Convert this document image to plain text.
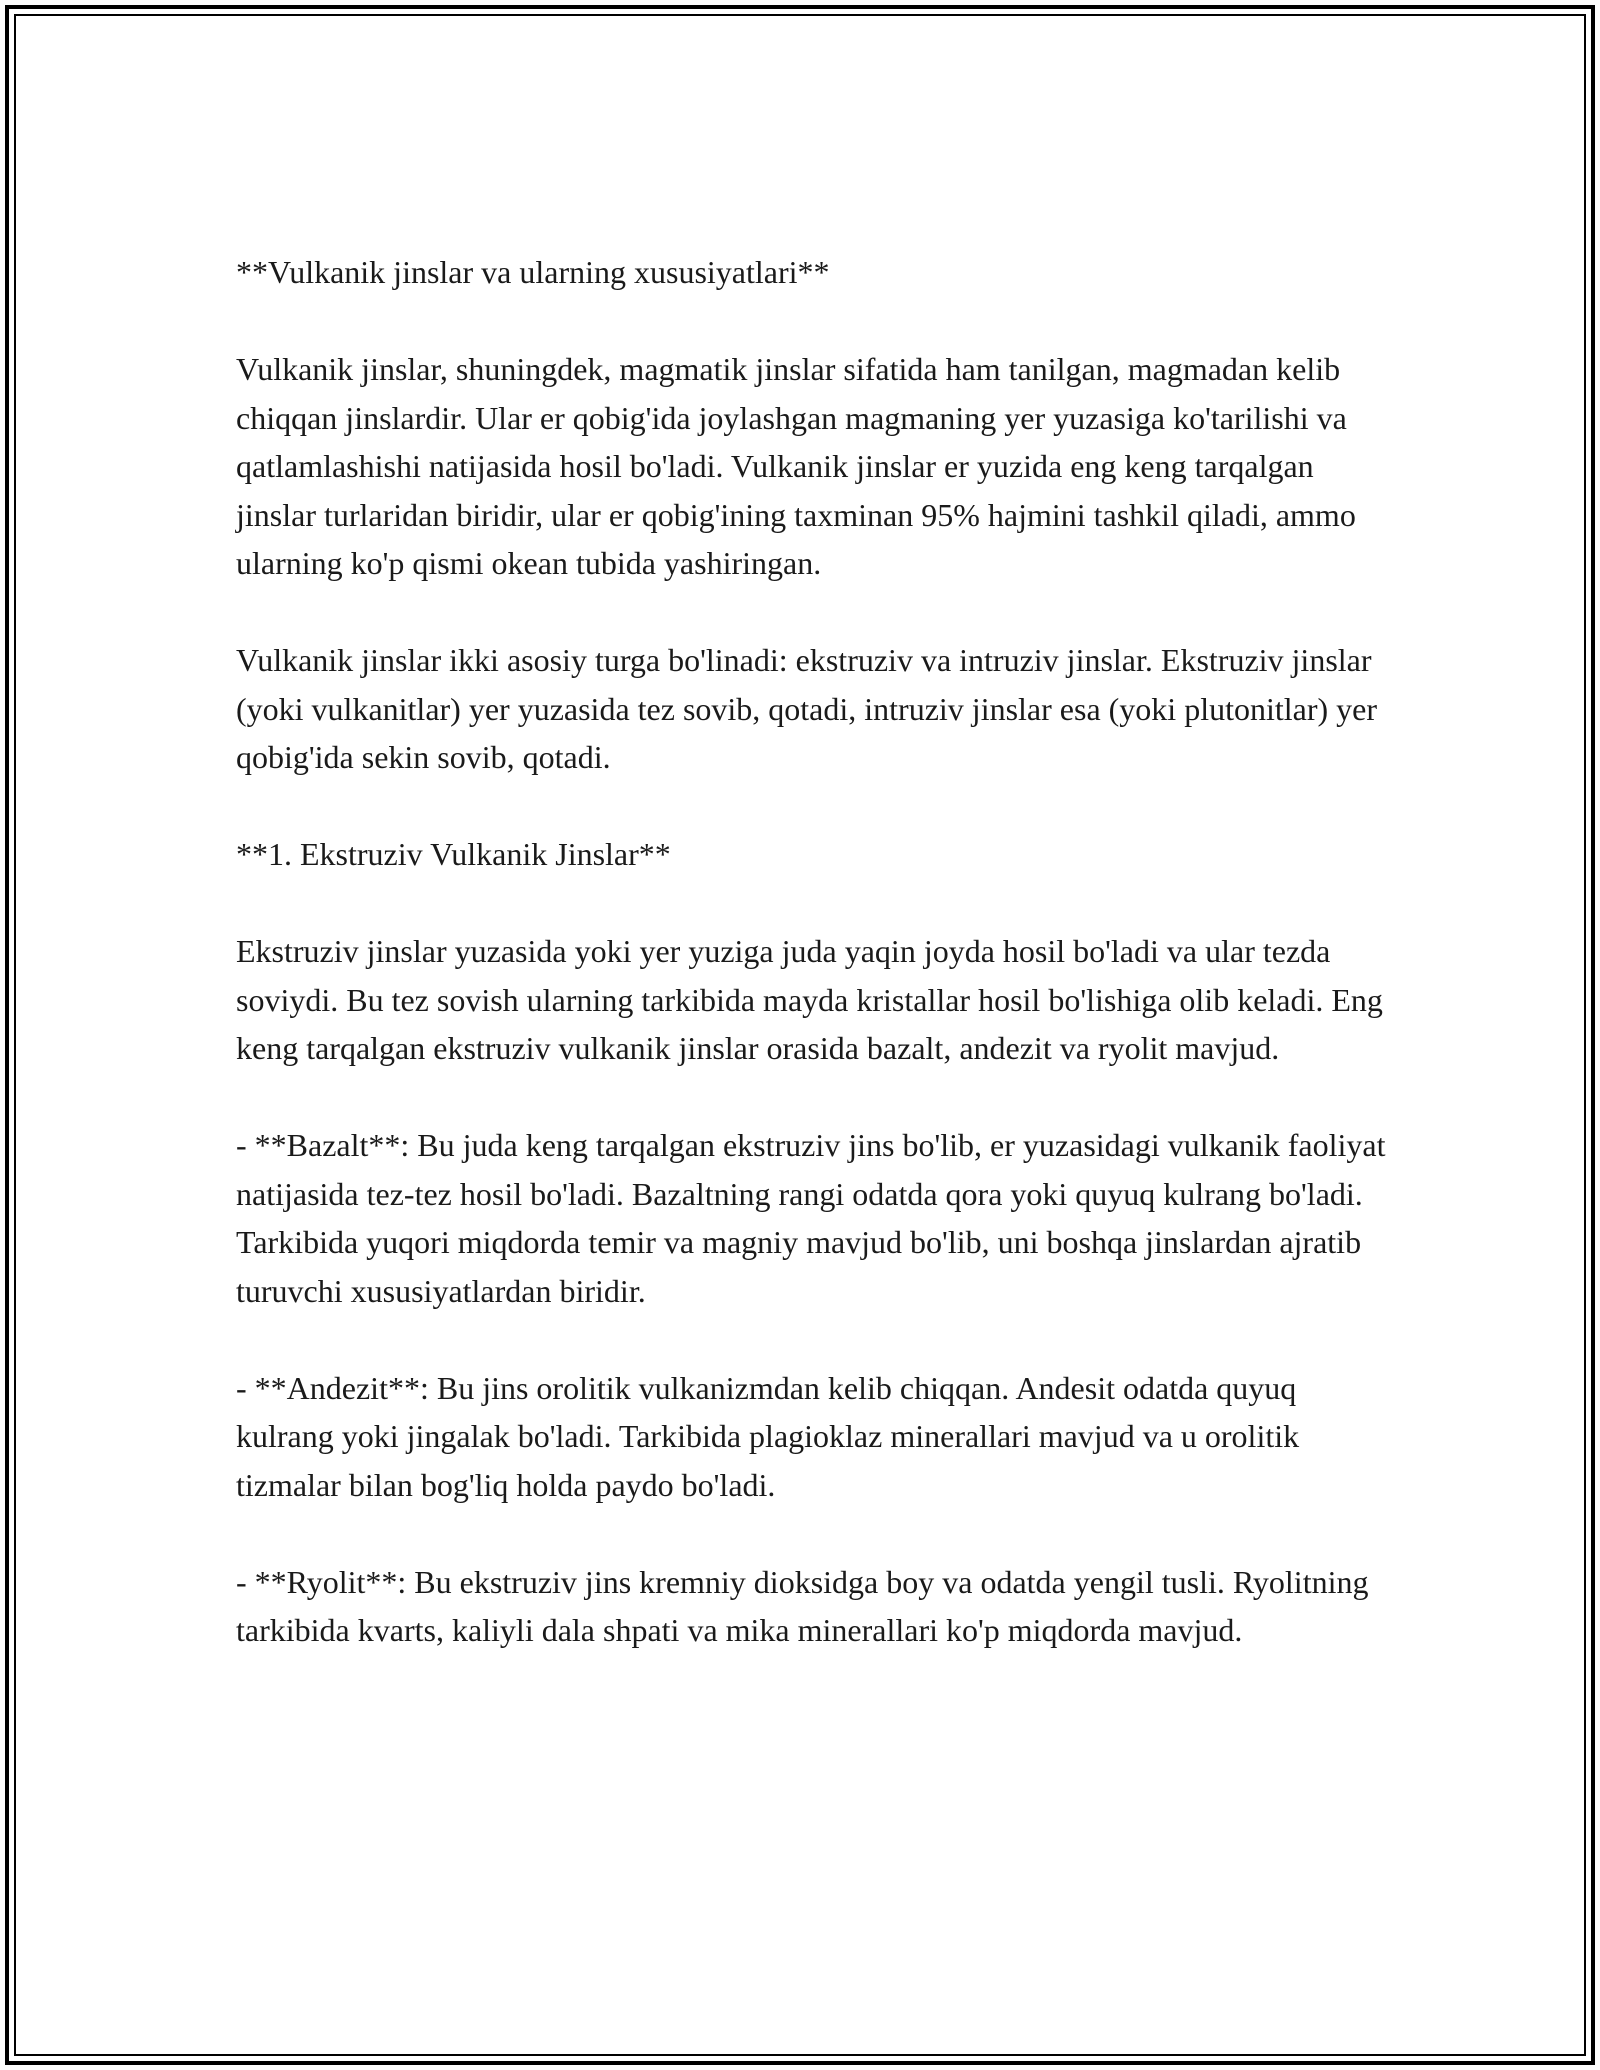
**Vulkanik jinslar va ularning xususiyatlari**

Vulkanik jinslar, shuningdek, magmatik jinslar sifatida ham tanilgan, magmadan kelib chiqqan jinslardir. Ular er qobig'ida joylashgan magmaning yer yuzasiga ko'tarilishi va qatlamlashishi natijasida hosil bo'ladi. Vulkanik jinslar er yuzida eng keng tarqalgan jinslar turlaridan biridir, ular er qobig'ining taxminan 95% hajmini tashkil qiladi, ammo ularning ko'p qismi okean tubida yashiringan.

Vulkanik jinslar ikki asosiy turga bo'linadi: ekstruziv va intruziv jinslar. Ekstruziv jinslar (yoki vulkanitlar) yer yuzasida tez sovib, qotadi, intruziv jinslar esa (yoki plutonitlar) yer qobig'ida sekin sovib, qotadi.

**1. Ekstruziv Vulkanik Jinslar**

Ekstruziv jinslar yuzasida yoki yer yuziga juda yaqin joyda hosil bo'ladi va ular tezda soviydi. Bu tez sovish ularning tarkibida mayda kristallar hosil bo'lishiga olib keladi. Eng keng tarqalgan ekstruziv vulkanik jinslar orasida bazalt, andezit va ryolit mavjud.

- **Bazalt**: Bu juda keng tarqalgan ekstruziv jins bo'lib, er yuzasidagi vulkanik faoliyat natijasida tez-tez hosil bo'ladi. Bazaltning rangi odatda qora yoki quyuq kulrang bo'ladi. Tarkibida yuqori miqdorda temir va magniy mavjud bo'lib, uni boshqa jinslardan ajratib turuvchi xususiyatlardan biridir.

- **Andezit**: Bu jins orolitik vulkanizmdan kelib chiqqan. Andesit odatda quyuq kulrang yoki jingalak bo'ladi. Tarkibida plagioklaz minerallari mavjud va u orolitik tizmalar bilan bog'liq holda paydo bo'ladi.

- **Ryolit**: Bu ekstruziv jins kremniy dioksidga boy va odatda yengil tusli. Ryolitning tarkibida kvarts, kaliyli dala shpati va mika minerallari ko'p miqdorda mavjud.
